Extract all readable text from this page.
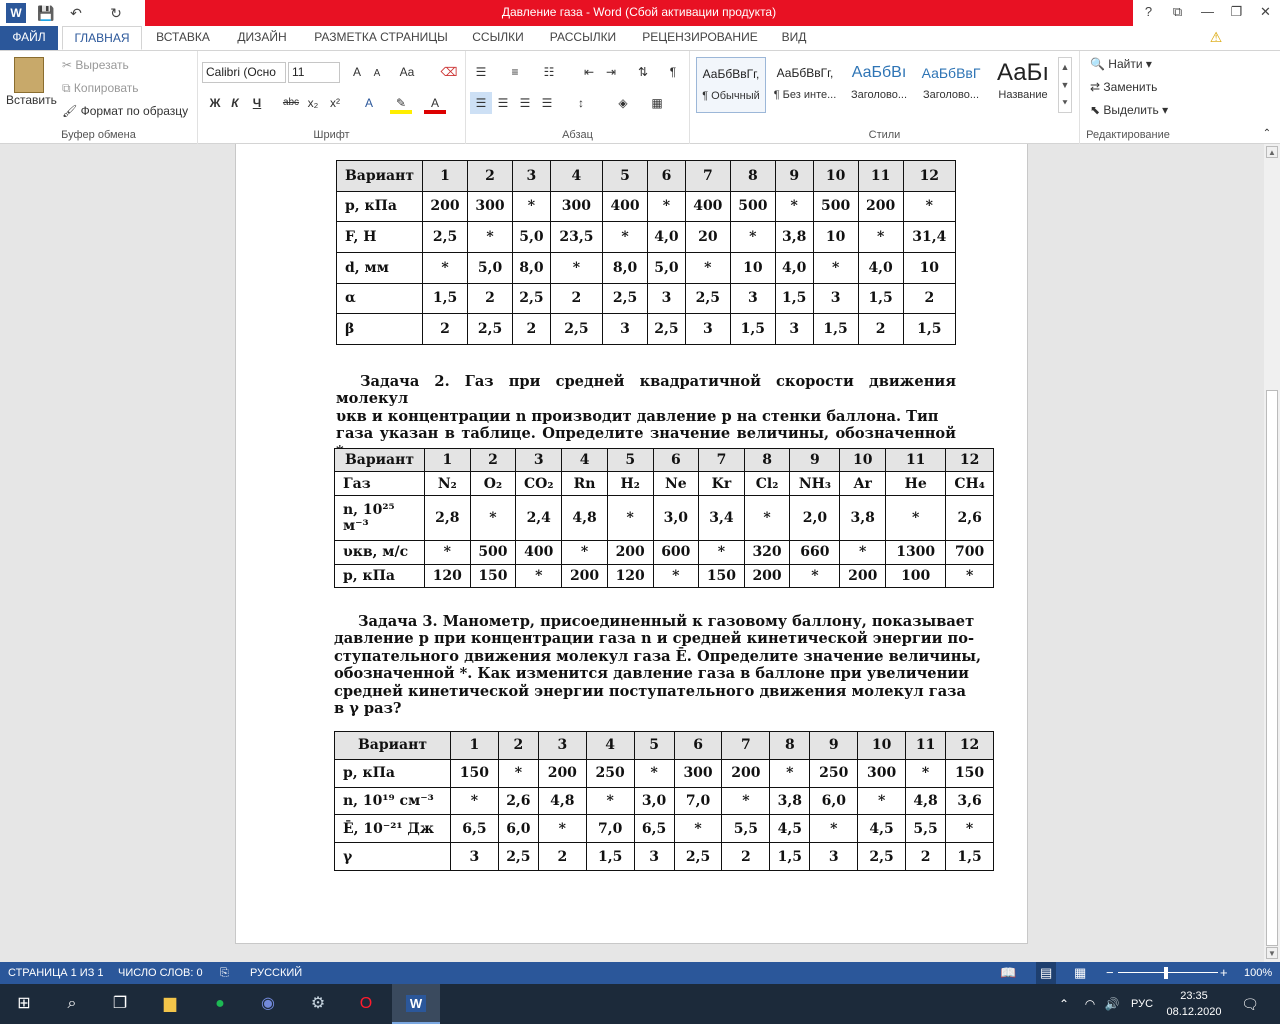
W	💾 ↶ ↻	Давление газа - Word (Сбой активации продукта)	?	⧉	—	❐	✕
ФАЙЛ	ГЛАВНАЯ	ВСТАВКА	ДИЗАЙН	РАЗМЕТКА СТРАНИЦЫ	ССЫЛКИ	РАССЫЛКИ	РЕЦЕНЗИРОВАНИЕ	ВИД	⚠
Вставить
✂ Вырезать
⧉ Копировать
🖌 Формат по образцу
Буфер обмена
Calibri (Осно	11	A	A	Aa	⌫
Ж К	Ч	abc x₂ x²	A	✎	A
Шрифт
☰	≡	☷	⇤ ⇥	⇅	¶
☰ ☰ ☰ ☰	↕	◈	▦
Абзац
АаБбВвГг,
¶ Обычный
АаБбВвГг,
¶ Без инте...
АаБбВı
Заголово...
АаБбВвГ
Заголово...
АаБı
Название
▲
▼
⯆
Стили
🔍 Найти ▾
⇄ Заменить
⬉ Выделить ▾
Редактирование	⌃
Вариант	1	2	3	4	5	6	7	8	9	10	11	12
p, кПа	200	300	*	300	400	*	400	500	*	500	200	*
F, Н	2,5	*	5,0	23,5	*	4,0	20	*	3,8	10	*	31,4
d, мм	*	5,0	8,0	*	8,0	5,0	*	10	4,0	*	4,0	10
α	1,5	2	2,5	2	2,5	3	2,5	3	1,5	3	1,5	2
β	2	2,5	2	2,5	3	2,5	3	1,5	3	1,5	2	1,5
Задача 2. Газ при средней квадратичной скорости движения молекул
υкв и концентрации n производит давление p на стенки баллона. Тип
газа указан в таблице. Определите значение величины, обозначенной
Вариант	1	2	3	4	5	6	7	8	9	10	11	12
Газ	N₂	O₂	CO₂	Rn	H₂	Ne	Kr	Cl₂	NH₃	Ar	He	CH₄
n, 10²⁵ м⁻³	2,8	*	2,4	4,8	*	3,0	3,4	*	2,0	3,8	*	2,6
υкв, м/с	*	500	400	*	200	600	*	320	660	*	1300	700
p, кПа	120	150	*	200	120	*	150	200	*	200	100	*
Задача 3. Манометр, присоединенный к газовому баллону, показывает
давление p при концентрации газа n и средней кинетической энергии по-
ступательного движения молекул газа Ē. Определите значение величины,
обозначенной *. Как изменится давление газа в баллоне при увеличении
средней кинетической энергии поступательного движения молекул газа
в γ раз?
Вариант	1	2	3	4	5	6	7	8	9	10	11	12
p, кПа	150	*	200	250	*	300	200	*	250	300	*	150
n, 10¹⁹ см⁻³	*	2,6	4,8	*	3,0	7,0	*	3,8	6,0	*	4,8	3,6
Ē, 10⁻²¹ Дж	6,5	6,0	*	7,0	6,5	*	5,5	4,5	*	4,5	5,5	*
γ	3	2,5	2	1,5	3	2,5	2	1,5	3	2,5	2	1,5
▲
▼
СТРАНИЦА 1 ИЗ 1 ЧИСЛО СЛОВ: 0 ⎘ РУССКИЙ	📖	▤	▦ −	+ 100%
⊞	⌕	❐	▆	●	◉	⚙	O	W	⌃	◠ 🔊	РУС
23:35
08.12.2020	🗨
